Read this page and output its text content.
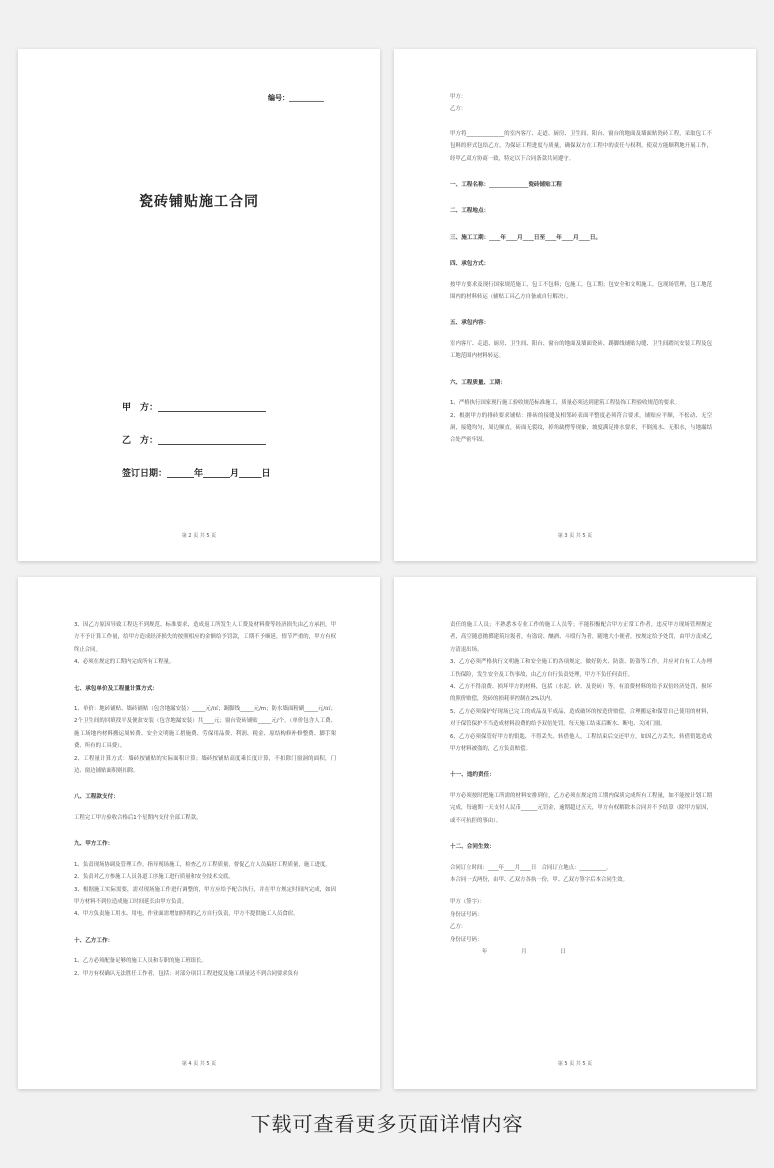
编号：__________
瓷砖铺贴施工合同
甲　方：________________________
乙　方：________________________
签订日期：______年______月_____日
第 2 页 共 5 页

甲方：

乙方：

甲方将______________的室内客厅、走道、厨房、卫生间、阳台、窗台的地面及墙面贴瓷砖工程，采取包工不包料的形式包给乙方，为保证工程进度与质量，确保双方在工程中的责任与权利，使双方能顺利地开展工作，经甲乙双方协商一致，特定以下合同条款共同遵守。

一、工程名称：______________瓷砖铺贴工程
二、工程地点：
三、施工工期：____年____月____日至____年____月____日。
四、承包方式：

按甲方要求及现行国家规范施工，包工不包料；包施工，包工期；包安全和文明施工，包现场管理，包工地范围内的材料转运（辅贴工具乙方自备或自行解决）。

五、承包内容：

室内客厅、走道、厨房、卫生间、阳台、窗台的地面及墙面瓷砖、踢脚线铺贴勾缝、卫生间踏坑安装工程及包工地范围内材料转运。

六、工程质量、工期：

1、严格执行国家现行施工验收规范标准施工，质量必须达到建筑工程装饰工程验收规范的要求。

2、根据甲方的排砖要求铺贴：排砖的接缝及相邻砖表面平整度必须符合要求，铺贴应平顺，不松动、无空洞，接缝均匀，周边顺直，砖面无裂纹，掉角缺楞等现象，坡度满足排水要求，不倒流水、无积水，与地漏结合处严密牢固。

第 3 页 共 5 页

3、因乙方原因导致工程达不到规范、标准要求，造成返工所发生人工费及材料费等经济损失由乙方承担，甲方不予计算工作量，给甲方造成经济损失的按照相应的金额给予罚款，工期不予顺延，情节严重的，甲方有权终止合同。

4、必须在规定的工期内完成所有工程量。

七、承包单价及工程量计算方式：

1、单价：地砖铺贴、墙砖铺贴（包含地漏安装）_____元/㎡；踢脚线_____元/m；防水墙面粉刷_____元/㎡；2个卫生间的回填找平及便盆安装（包含地漏安装）共____元；窗台瓷砖铺贴_____元/个。（单价包含人工费、施工场地内材料搬运周转费、安全文明施工措施费、劳保用品费、利润、税金、原结构修补修整费、脚手架费、所有的工具费）。

2、工程量计算方式：墙砖按铺贴的实际面积计算；墙砖按铺贴高度乘长度计算，不扣除门窗洞的面积，门边、窗边铺贴面积则扣除。

八、工程款支付：

工程完工甲方验收合格后1个星期内支付全部工程款。

九、甲方工作：

1、负责现场协调及管理工作，指导现场施工，检查乙方工程质量，督促乙方人员搞好工程质量，施工进度。

2、负责对乙方参施工人员各道工序施工进行质量和安全技术交底。

3、根据施工实际需要，需对现场施工作进行调整的，甲方应给予配合执行，并在甲方规定时间内完成，如因甲方材料不到位造成施工时间延长由甲方负责。

4、甲方负责施工用水、用电，作业面需增加照明的乙方自行负责，甲方不提供施工人员食宿。

十、乙方工作：

1、乙方必须配备足够的施工人员和专职的施工班组长。

2、甲方有权确认无法胜任工作者，包括：对部分项目工程进度及施工质量达不到合同要求负有

第 4 页 共 5 页

责任的施工人员；不熟悉本专业工作的施工人员等；不能积极配合甲方正常工作者，违反甲方现场管理规定者，高空随意抛掷建筑垃圾者，有盗窃、酗酒、斗殴行为者，随地大小便者，按规定给予处罚，由甲方责成乙方清退出场。

3、乙方必须严格执行文明施工和安全施工的各项规定，做好防火、防盗、防盗等工作，并应对自有工人办理工伤保险，发生安全及工伤事故，由乙方自行负责处理，甲方不负任何责任。

4、乙方不得浪费、损坏甲方的材料，包括（水泥、砂、及瓷砖）等，有浪费材料的给予双倍经济处罚，损坏的照价赔偿，瓷砖的损耗率控制在2%以内。

5、乙方必须保护好现场已完工的成品及半成品，造成破坏的按造价赔偿，合理搬运和保管自己使用的材料，对于保管保护不当造成材料浪费的给予双倍处罚，每天施工结束后断水、断电、关闭门窗。

6、乙方必须保管好甲方的钥匙，不得丢失、转借他人，工程结束后交还甲方，如因乙方丢失、转借钥匙造成甲方材料被盗的，乙方负责赔偿。

十一、违约责任：

甲方必须按时把施工所需的材料安排到位，乙方必须在规定的工期内保质完成所有工程量，如不能按计划工期完成，每逾期一天支付人民币______元罚金，逾期超过五天，甲方有权解除本合同并不予结算（除甲方原因，或不可抗拒的事由）。

十二、合同生效：

合同订立时间：____年____月____日　合同订立地点：__________。

本合同一式两份，由甲、乙双方各执一份，甲、乙双方签字后本合同生效。

甲方（签字）：

身份证号码：

乙方：

身份证号码：

年	月	日

第 5 页 共 5 页
下载可查看更多页面详情内容
